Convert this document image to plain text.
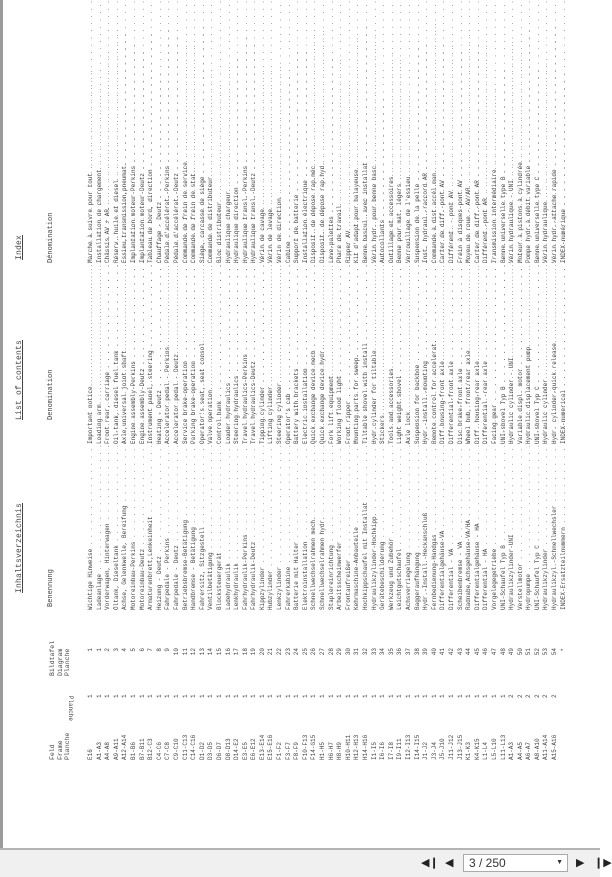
Inhaltsverzeichnis
List of contents
Index
Feld Frame Planche
Planche
Bildtafel Diagram Planche
Benennung
Denomination
Dénomination
E16
1
1
Wichtige Hinweise . . .
Important notice . . .
Marche à suivre pour tout . . .
A1-A3
1
1
Ladeanlage . . .
Loading arm . . .
Installation de chargement . . .
A4-A8
1
2
Vorderwagen, Hinterwagen . . .
Front rear, carriage . . .
Châssis AV + AR . . .
A9-A11
1
3
Öltank, Dieseltank . . .
Oil-tank, diesel fuel tank . . .
Réserv. huile et diesel . . .
A12-A14
1
4
Achse, Gelenkwelle, Bereifung . . .
Axle,universal joint shaft . . .
Essieu,transmission,pneumat. . . .
B1-B6
1
5
Motoreinbau-Perkins . . .
Engine assembly-Perkins . . .
Implantation moteur-Perkins . . .
B7-B11
1
6
Motoreinbau-Deutz . . .
Engine assembly-Deutz . . .
Implantation moteur-Deutz . . .
B12-C3
1
7
Armaturenbrett,Lenkeinheit . . .
Instrument panel, steering . . .
Tableau de bord, direction . . .
C4-C6
1
8
Heizung - Deutz . . .
Heating - Deutz . . .
Chauffage - Deutz . . .
C7-C8
1
9
Fahrpedale - Perkins . . .
Accelerator pedal - Perkins . . .
Pédale d'accélérat.-Perkins . . .
C9-C10
1
10
Fahrpedale - Deutz . . .
Accelerator pedal - Deutz . . .
Pédale d'accélérat.-Deutz . . .
C11-C13
1
11
Betriebsbremse-Betätigung . . .
Service brake-operation . . .
Commande de frein de service . . .
C14-C16
1
12
Handbremse - Betätigung . . .
Parking brake-operation . . .
Commande de frein de stat. . . .
D1-D2
1
13
Fahrersitz, Sitzgestell . . .
Operator's seat, seat consol . . .
Siège, carcasse de siège . . .
D3-D5
1
14
Ventilbetätigung . . .
Valve operation . . .
Commande de distributeur . . .
D6-D7
1
15
Blocksteuergerät . . .
Control bank . . .
Bloc distributeur . . .
D8-D13
1
16
Ladehydraulik . . .
Loader hydraulics . . .
Hydraulique chargeur . . .
D14-E2
1
17
Lenkhydraulik . . .
Steering hydraulics . . .
Hydraulique direction . . .
E3-E5
1
18
Fahrhydraulik-Perkins . . .
Travel hydraulics-Perkins . . .
Hydraulique transl.-Perkins . . .
E6-E12
1
19
Fahrhydraulik-Deutz . . .
Travel hydraulics-Deutz . . .
Hydraulique transl.-Deutz . . .
E13-E14
1
20
Kippzylinder . . .
Tipping cylinder . . .
Vérin de cavage . . .
E15-E16
1
21
Hubzylinder . . .
Lifting cylinder . . .
Vérin de levage . . .
F1-F2
1
22
Lenkzylinder . . .
Steering cylinder . . .
Vérin de direction . . .
F3-F7
1
23
Fahrerkabine . . .
Operator's cab . . .
Cabine . . .
F8-F9
1
24
Batterie mit Halter . . .
Battery with brackets . . .
Support de batterie . . .
F10-F13
1
25
Elektroinstallation . . .
Electric installation . . .
Installation électrique . . .
F14-G15
1
26
Schnellwechselrahmen mech. . . .
Quick exchange device mech . . .
Disposit. de dépose rap.méc . . .
H1-H5
1
27
Schnellwechselrahmen hydr. . . .
Quick exchange device hydr. . . .
Disposit. de dépose rap.hyd. . . .
H6-H7
1
28
Staplereinrichtung . . .
Fork lift equipment . . .
Lève-palettes . . .
H8-H9
1
29
Arbeitsscheinwerfer . . .
Working flood light . . .
Phare de travail . . .
H10-H11
1
30
Frontaufreißer . . .
Front ripper . . .
Ripper AV . . .
H12-H13
1
31
Kehrmaschine-Anbauteile . . .
Mounting parts for sweep. . . .
Kit d'adapt.pour balayeuse . . .
H14-H16
1
32
Hochkippschaufel mit Installat . . .
Tiltable shovel with install . . .
Benne bascul. avec installat . . .
I1-I5
1
33
Hydraulikzylinder-Hochkipp. . . .
Hydr.cylinder for tiltable . . .
Vérin hydr. pour benne basc . . .
I6-I6
1
34
Gerätebeschilderung . . .
Stickers . . .
Autocollants . . .
I7-I8
1
35
Werkzeug und Zubehör . . .
Tools and accessories . . .
Outillage et accessoires . . .
I9-I11
1
36
Leichtgutschaufel . . .
Light weight shovel . . .
Benne pour mat. légers . . .
I12-I13
1
37
Achsverriegelung . . .
Axle lock . . .
Verrouillage de l'essieu . . .
I14-I15
1
38
Baggeraufhängung . . .
Suspension for backhoe . . .
Suspension de la pelle . . .
J1-J2
1
39
Hydr.-Install.-Heckanschluß . . .
Hydr.-install.-mounting . . .
Inst. hydraul.-raccord AR . . .
J3-J4
1
40
Fernbedienung-Handgas . . .
Remote control for accelerat. . . .
Commande à dist.accél.man. . . .
J5-J10
1
41
Differentialgehäuse-VA . . .
Diff.housing-front axle . . .
Carter de diff.-pont AV . . .
J11-J12
1
42
Differential - VA . . .
Differential-front axle . . .
Différent. - pont AV . . .
J13-J15
1
43
Scheibenbremse - VA . . .
Disc brake-front axle . . .
Frein à disques-pont AV . . .
K1-K3
1
44
Radnabe,Achsgehäuse-VA/HA . . .
Wheel hub, front/rear axle . . .
Moyeu de roue - AV/AR . . .
K4-K15
1
45
Differentialgehäuse - HA . . .
Diff. housing-rear axle . . .
Carter de diff.-pont AR . . .
L1-L4
1
46
Differential - HA . . .
Differential -rear axle . . .
Différent.-pont AR . . .
L5-L10
1
47
Vorgelegegetriebe . . .
Facing gear . . .
Transmission intermédiaire . . .
L11-L13
1
48
UNI-Schaufel Typ B . . .
UNI-shovel Typ B . . .
Benne universelle type B . . .
A1-A3
2
49
Hydraulikzylinder-UNI . . .
Hydraulic cylinder - UNI . . .
Vérin hydraulique - UNI . . .
A4-A5
2
50
Verstellmotor . . .
Variable displ. motor . . .
Moteur à pistons à cylindrée . . .
A6-A7
2
51
Hydropumpe . . .
Hydraulic displacement pump . . .
Pompe hydr.à débit variable . . .
A8-A10
2
52
UNI-Schaufel Typ C . . .
UNI-shovel Typ C . . .
Benne universelle type C . . .
A11-A14
2
53
Hydraulikzylinder . . .
Hydraulic cylinder . . .
Vérin hydraulique . . .
A15-A16
2
54
Hydraulikzyl.-Schnellwechsler . . .
Hydr. cylinder-quick release . . .
Vérin hydr.-attache rapide . . .
*
INDEX-Ersatzteilnummern . . .
INDEX-numerical . . .
INDEX-numérique . . .
◀❙ ◀	3 / 250	▼ ▶ ❙▶
